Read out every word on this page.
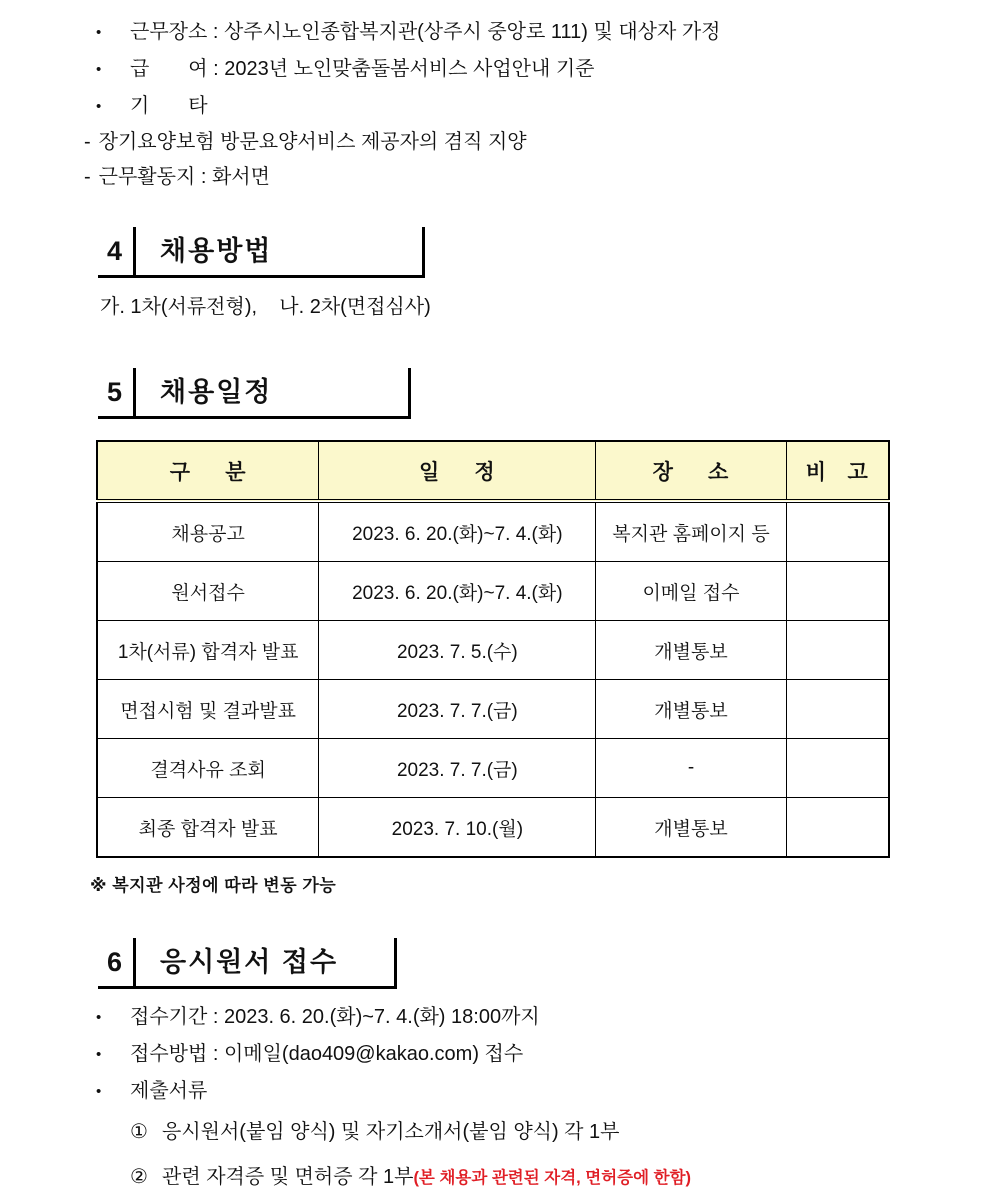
•	근무장소 : 상주시노인종합복지관(상주시 중앙로 111) 및 대상자 가정
•	급       여 : 2023년 노인맞춤돌봄서비스 사업안내 기준
•	기       타
- 장기요양보험 방문요양서비스 제공자의 겸직 지양
- 근무활동지 : 화서면
4	채용방법
가. 1차(서류전형),    나. 2차(면접심사)
5	채용일정
구     분	일     정	장     소	비   고
채용공고	2023. 6. 20.(화)~7. 4.(화)	복지관 홈페이지 등	
원서접수	2023. 6. 20.(화)~7. 4.(화)	이메일 접수	
1차(서류) 합격자 발표	2023. 7. 5.(수)	개별통보	
면접시험 및 결과발표	2023. 7. 7.(금)	개별통보	
결격사유 조회	2023. 7. 7.(금)	-	
최종 합격자 발표	2023. 7. 10.(월)	개별통보	
※ 복지관 사정에 따라 변동 가능
6	응시원서 접수
•	접수기간 : 2023. 6. 20.(화)~7. 4.(화) 18:00까지
•	접수방법 : 이메일(dao409@kakao.com) 접수
•	제출서류
① 응시원서(붙임 양식) 및 자기소개서(붙임 양식) 각 1부
② 관련 자격증 및 면허증 각 1부(본 채용과 관련된 자격, 면허증에 한함)
